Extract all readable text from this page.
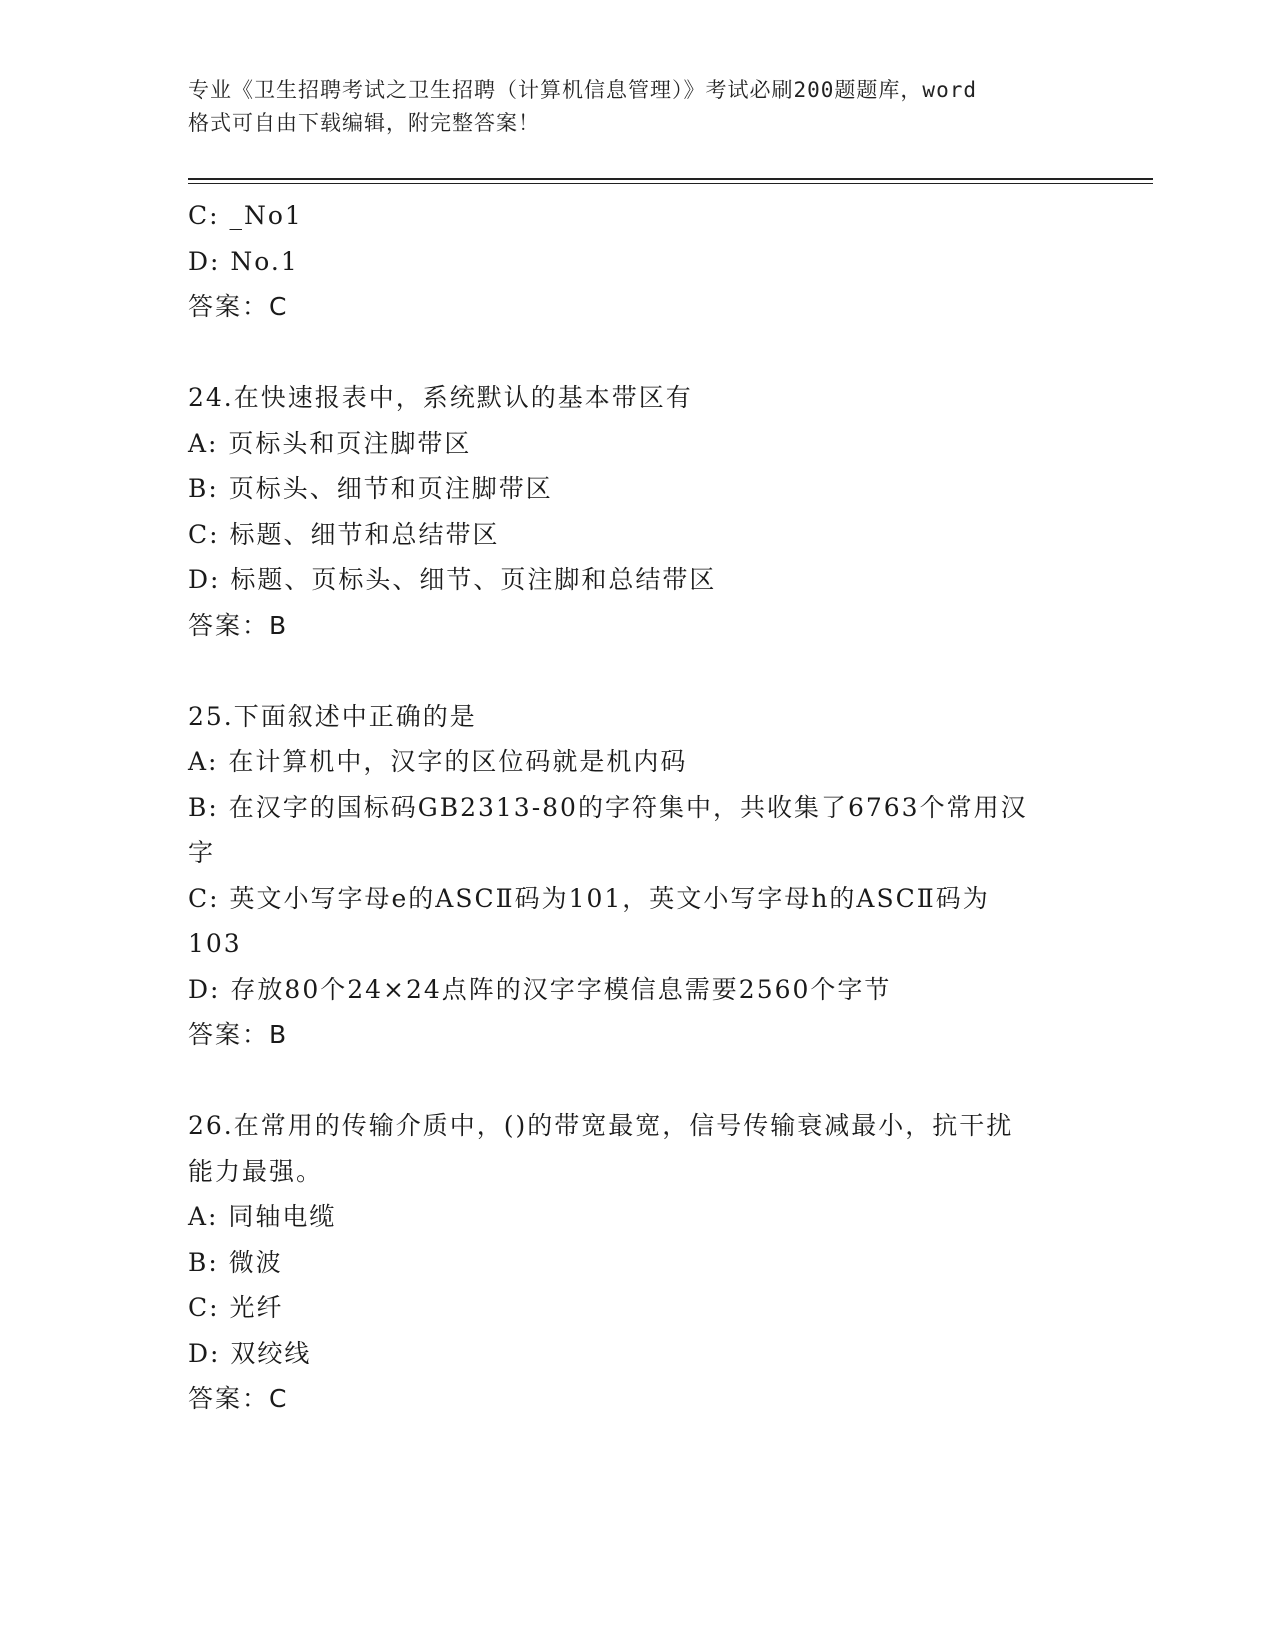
专业《卫生招聘考试之卫生招聘（计算机信息管理）》考试必刷200题题库，word
格式可自由下载编辑，附完整答案！
C: _No1
D: No.1
答案：C
24.在快速报表中，系统默认的基本带区有
A: 页标头和页注脚带区
B: 页标头、细节和页注脚带区
C: 标题、细节和总结带区
D: 标题、页标头、细节、页注脚和总结带区
答案：B
25.下面叙述中正确的是
A: 在计算机中，汉字的区位码就是机内码
B: 在汉字的国标码GB2313-80的字符集中，共收集了6763个常用汉
字
C: 英文小写字母e的ASCⅡ码为101，英文小写字母h的ASCⅡ码为
103
D: 存放80个24×24点阵的汉字字模信息需要2560个字节
答案：B
26.在常用的传输介质中，()的带宽最宽，信号传输衰减最小，抗干扰
能力最强。
A: 同轴电缆
B: 微波
C: 光纤
D: 双绞线
答案：C
